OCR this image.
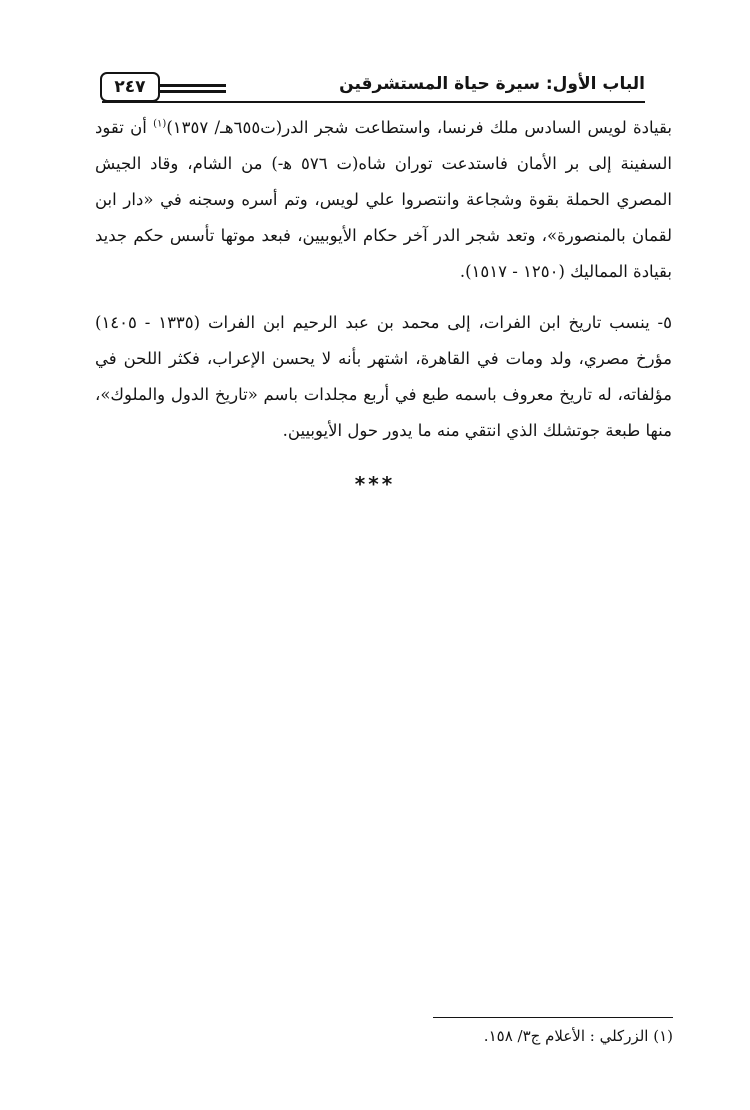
الباب الأول: سيرة حياة المستشرقين
٢٤٧

بقيادة لويس السادس ملك فرنسا، واستطاعت شجر الدر(ت٦٥٥هـ/ ١٣٥٧)$^{(١)}$ أن تقود السفينة إلى بر الأمان فاستدعت توران شاه(ت ٥٧٦ ه‍-) من الشام، وقاد الجيش المصري الحملة بقوة وشجاعة وانتصروا علي لويس، وتم أسره وسجنه في «دار ابن لقمان بالمنصورة»، وتعد شجر الدر آخر حكام الأيوبيين، فبعد موتها تأسس حكم جديد بقيادة المماليك (١٢٥٠ - ١٥١٧).

٥- ينسب تاريخ ابن الفرات، إلى محمد بن عبد الرحيم ابن الفرات (١٣٣٥ - ١٤٠٥) مؤرخ مصري، ولد ومات في القاهرة، اشتهر بأنه لا يحسن الإعراب، فكثر اللحن في مؤلفاته، له تاريخ معروف باسمه طبع في أربع مجلدات باسم «تاريخ الدول والملوك»، منها طبعة جوتشلك الذي انتقي منه ما يدور حول الأيوبيين.

***
(١) الزركلي : الأعلام ج٣/ ١٥٨.
